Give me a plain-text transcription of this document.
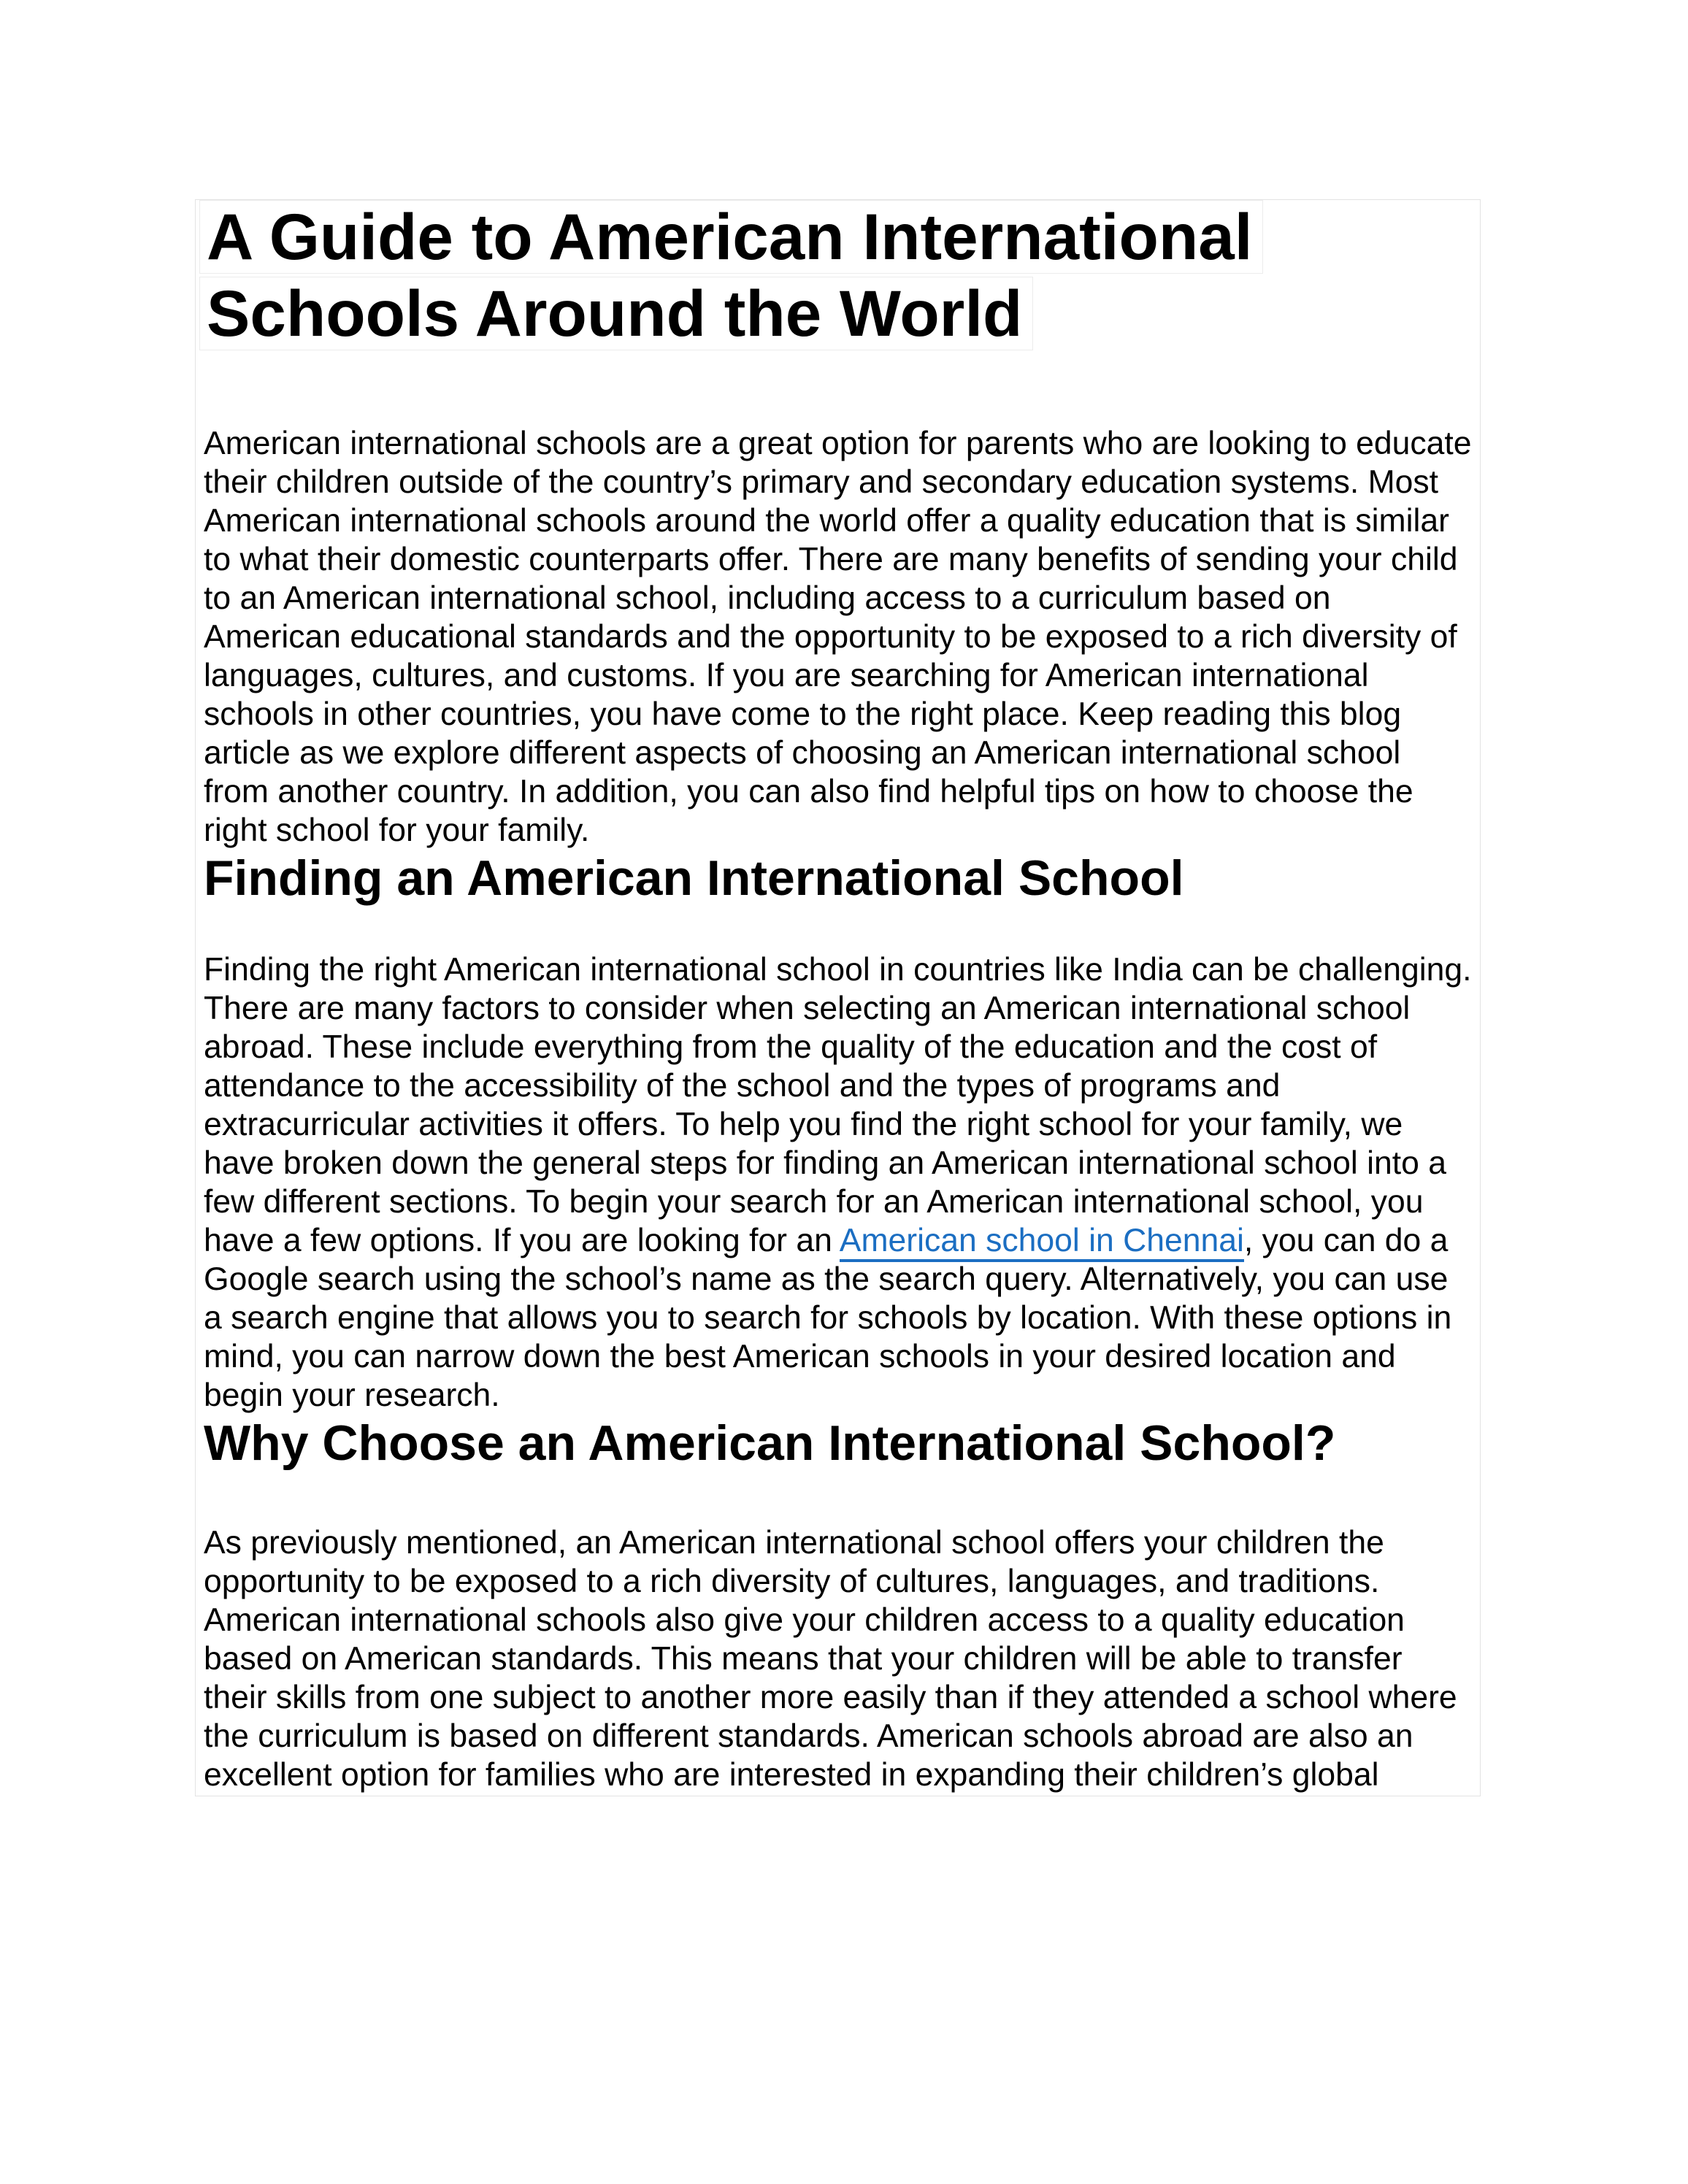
A Guide to American International
Schools Around the World

American international schools are a great option for parents who are looking to educate their children outside of the country’s primary and secondary education systems. Most American international schools around the world offer a quality education that is similar to what their domestic counterparts offer. There are many benefits of sending your child to an American international school, including access to a curriculum based on American educational standards and the opportunity to be exposed to a rich diversity of languages, cultures, and customs. If you are searching for American international schools in other countries, you have come to the right place. Keep reading this blog article as we explore different aspects of choosing an American international school from another country. In addition, you can also find helpful tips on how to choose the right school for your family.

Finding an American International School

Finding the right American international school in countries like India can be challenging. There are many factors to consider when selecting an American international school abroad. These include everything from the quality of the education and the cost of attendance to the accessibility of the school and the types of programs and extracurricular activities it offers. To help you find the right school for your family, we have broken down the general steps for finding an American international school into a few different sections. To begin your search for an American international school, you have a few options. If you are looking for an American school in Chennai, you can do a Google search using the school’s name as the search query. Alternatively, you can use a search engine that allows you to search for schools by location. With these options in mind, you can narrow down the best American schools in your desired location and begin your research.

Why Choose an American International School?

As previously mentioned, an American international school offers your children the opportunity to be exposed to a rich diversity of cultures, languages, and traditions. American international schools also give your children access to a quality education based on American standards. This means that your children will be able to transfer their skills from one subject to another more easily than if they attended a school where the curriculum is based on different standards. American schools abroad are also an excellent option for families who are interested in expanding their children’s global
